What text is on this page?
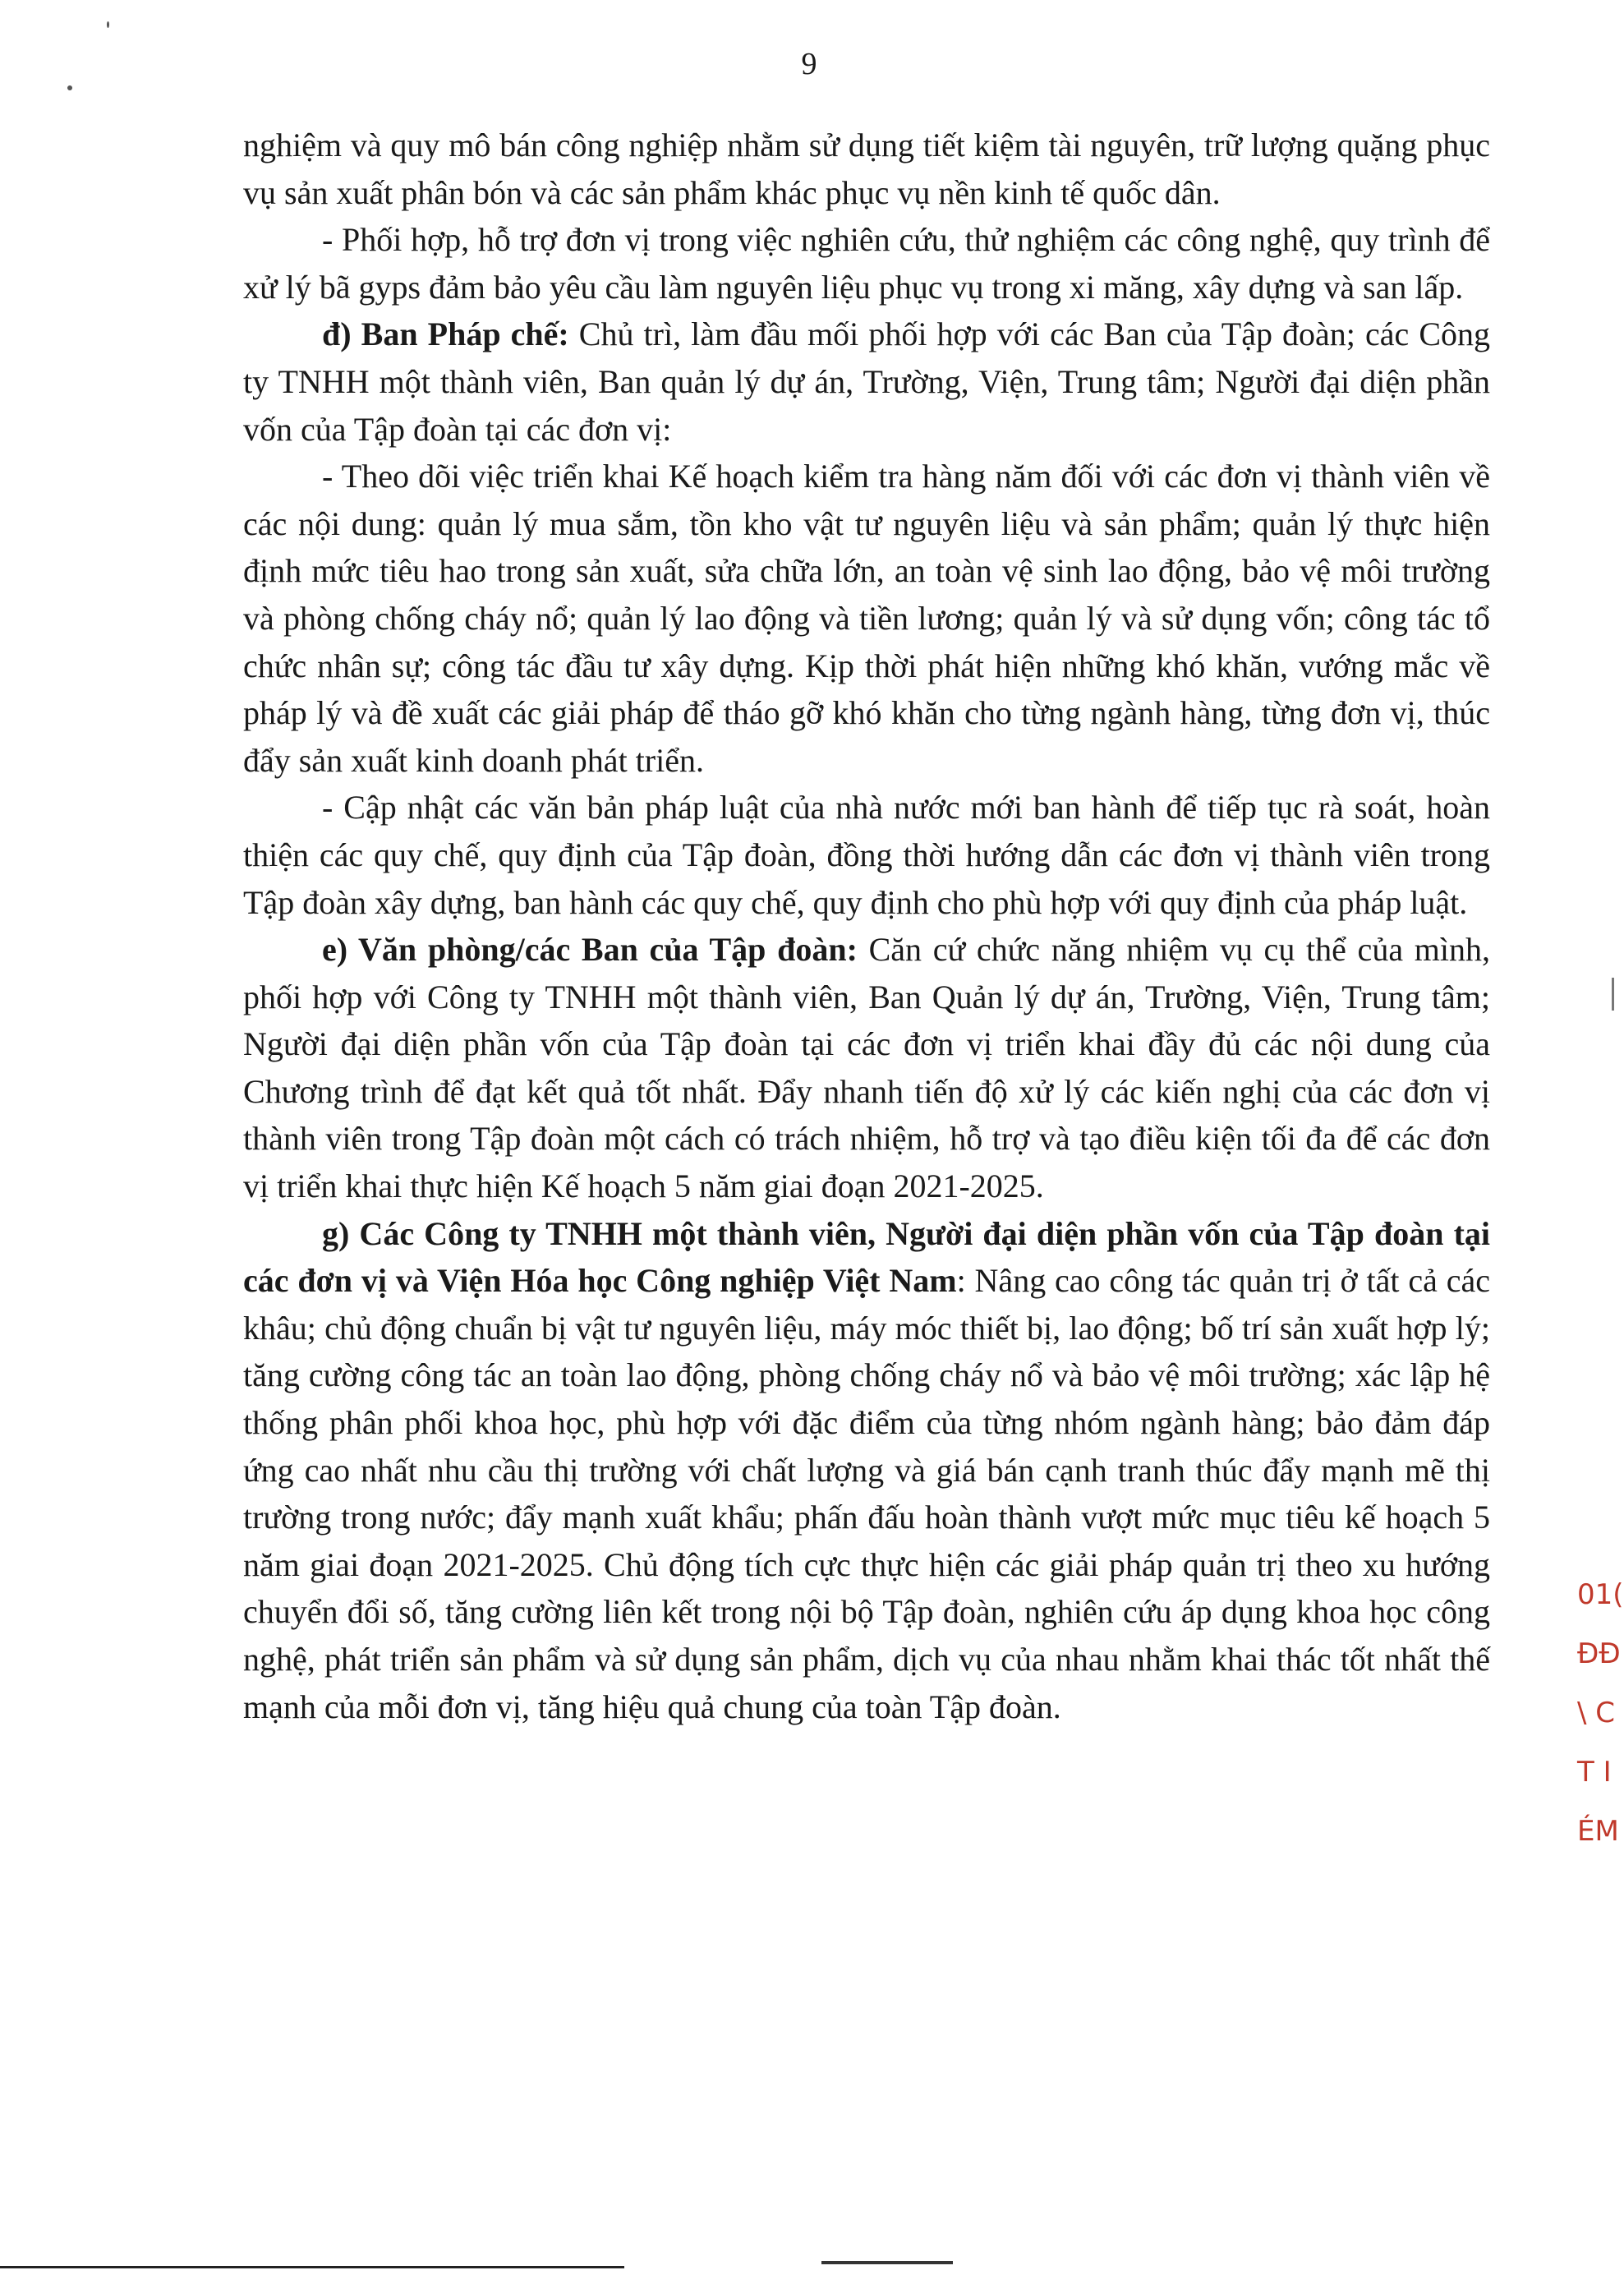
9

nghiệm và quy mô bán công nghiệp nhằm sử dụng tiết kiệm tài nguyên, trữ lượng quặng phục vụ sản xuất phân bón và các sản phẩm khác phục vụ nền kinh tế quốc dân.

- Phối hợp, hỗ trợ đơn vị trong việc nghiên cứu, thử nghiệm các công nghệ, quy trình để xử lý bã gyps đảm bảo yêu cầu làm nguyên liệu phục vụ trong xi măng, xây dựng và san lấp.

đ) Ban Pháp chế: Chủ trì, làm đầu mối phối hợp với các Ban của Tập đoàn; các Công ty TNHH một thành viên, Ban quản lý dự án, Trường, Viện, Trung tâm; Người đại diện phần vốn của Tập đoàn tại các đơn vị:

- Theo dõi việc triển khai Kế hoạch kiểm tra hàng năm đối với các đơn vị thành viên về các nội dung: quản lý mua sắm, tồn kho vật tư nguyên liệu và sản phẩm; quản lý thực hiện định mức tiêu hao trong sản xuất, sửa chữa lớn, an toàn vệ sinh lao động, bảo vệ môi trường và phòng chống cháy nổ; quản lý lao động và tiền lương; quản lý và sử dụng vốn; công tác tổ chức nhân sự; công tác đầu tư xây dựng. Kịp thời phát hiện những khó khăn, vướng mắc về pháp lý và đề xuất các giải pháp để tháo gỡ khó khăn cho từng ngành hàng, từng đơn vị, thúc đẩy sản xuất kinh doanh phát triển.

- Cập nhật các văn bản pháp luật của nhà nước mới ban hành để tiếp tục rà soát, hoàn thiện các quy chế, quy định của Tập đoàn, đồng thời hướng dẫn các đơn vị thành viên trong Tập đoàn xây dựng, ban hành các quy chế, quy định cho phù hợp với quy định của pháp luật.

e) Văn phòng/các Ban của Tập đoàn: Căn cứ chức năng nhiệm vụ cụ thể của mình, phối hợp với Công ty TNHH một thành viên, Ban Quản lý dự án, Trường, Viện, Trung tâm; Người đại diện phần vốn của Tập đoàn tại các đơn vị triển khai đầy đủ các nội dung của Chương trình để đạt kết quả tốt nhất. Đẩy nhanh tiến độ xử lý các kiến nghị của các đơn vị thành viên trong Tập đoàn một cách có trách nhiệm, hỗ trợ và tạo điều kiện tối đa để các đơn vị triển khai thực hiện Kế hoạch 5 năm giai đoạn 2021-2025.

g) Các Công ty TNHH một thành viên, Người đại diện phần vốn của Tập đoàn tại các đơn vị và Viện Hóa học Công nghiệp Việt Nam: Nâng cao công tác quản trị ở tất cả các khâu; chủ động chuẩn bị vật tư nguyên liệu, máy móc thiết bị, lao động; bố trí sản xuất hợp lý; tăng cường công tác an toàn lao động, phòng chống cháy nổ và bảo vệ môi trường; xác lập hệ thống phân phối khoa học, phù hợp với đặc điểm của từng nhóm ngành hàng; bảo đảm đáp ứng cao nhất nhu cầu thị trường với chất lượng và giá bán cạnh tranh thúc đẩy mạnh mẽ thị trường trong nước; đẩy mạnh xuất khẩu; phấn đấu hoàn thành vượt mức mục tiêu kế hoạch 5 năm giai đoạn 2021-2025. Chủ động tích cực thực hiện các giải pháp quản trị theo xu hướng chuyển đổi số, tăng cường liên kết trong nội bộ Tập đoàn, nghiên cứu áp dụng khoa học công nghệ, phát triển sản phẩm và sử dụng sản phẩm, dịch vụ của nhau nhằm khai thác tốt nhất thế mạnh của mỗi đơn vị, tăng hiệu quả chung của toàn Tập đoàn.

01(
ĐĐ
\ C
T I
ÉM
